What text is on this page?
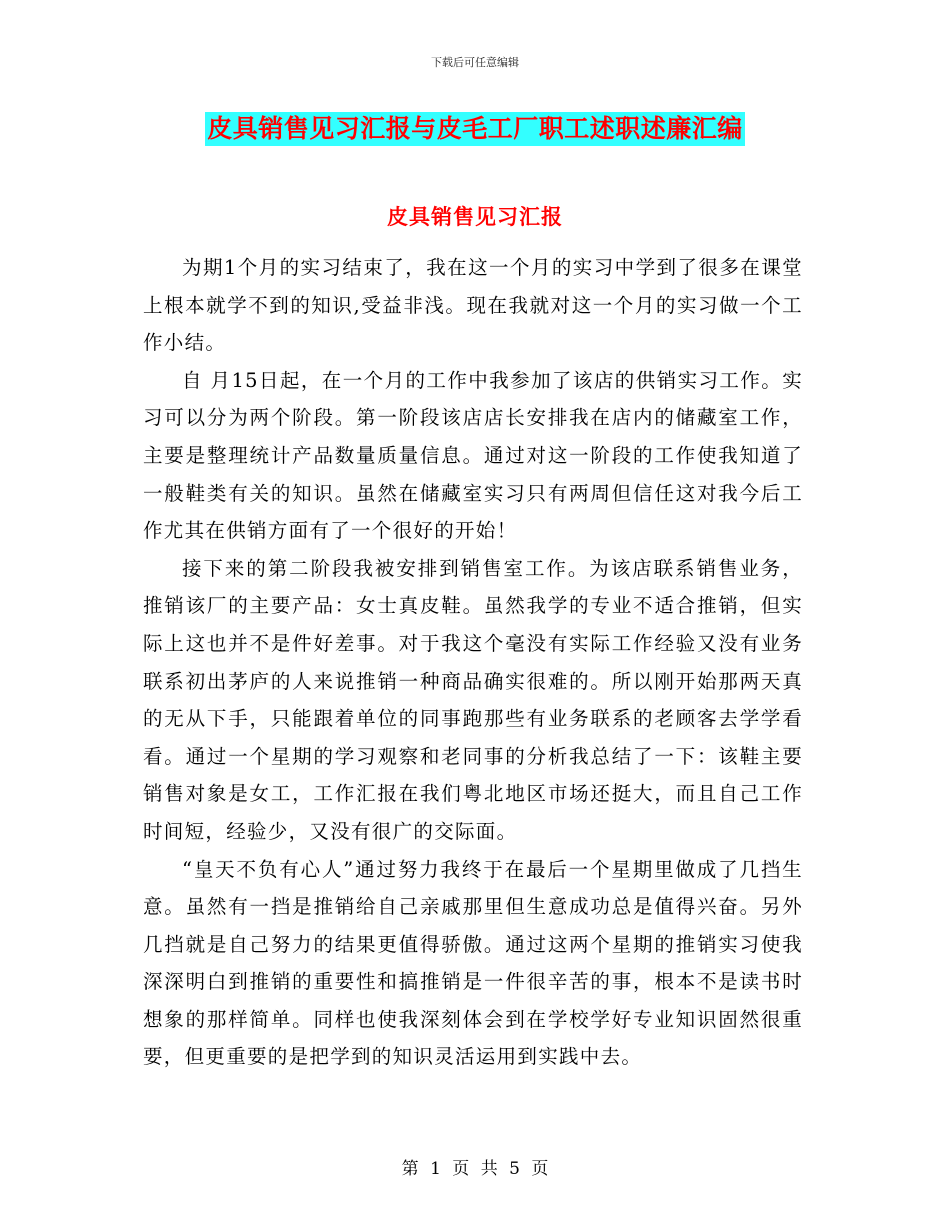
下载后可任意编辑
皮具销售见习汇报与皮毛工厂职工述职述廉汇编
皮具销售见习汇报

为期1个月的实习结束了，我在这一个月的实习中学到了很多在课堂上根本就学不到的知识,受益非浅。现在我就对这一个月的实习做一个工作小结。

自 月15日起，在一个月的工作中我参加了该店的供销实习工作。实习可以分为两个阶段。第一阶段该店店长安排我在店内的储藏室工作，主要是整理统计产品数量质量信息。通过对这一阶段的工作使我知道了一般鞋类有关的知识。虽然在储藏室实习只有两周但信任这对我今后工作尤其在供销方面有了一个很好的开始！

接下来的第二阶段我被安排到销售室工作。为该店联系销售业务，推销该厂的主要产品：女士真皮鞋。虽然我学的专业不适合推销，但实际上这也并不是件好差事。对于我这个毫没有实际工作经验又没有业务联系初出茅庐的人来说推销一种商品确实很难的。所以刚开始那两天真的无从下手，只能跟着单位的同事跑那些有业务联系的老顾客去学学看看。通过一个星期的学习观察和老同事的分析我总结了一下：该鞋主要销售对象是女工，工作汇报在我们粤北地区市场还挺大，而且自己工作时间短，经验少，又没有很广的交际面。

“皇天不负有心人”通过努力我终于在最后一个星期里做成了几挡生意。虽然有一挡是推销给自己亲戚那里但生意成功总是值得兴奋。另外几挡就是自己努力的结果更值得骄傲。通过这两个星期的推销实习使我深深明白到推销的重要性和搞推销是一件很辛苦的事，根本不是读书时想象的那样简单。同样也使我深刻体会到在学校学好专业知识固然很重要，但更重要的是把学到的知识灵活运用到实践中去。

第 1 页 共 5 页
